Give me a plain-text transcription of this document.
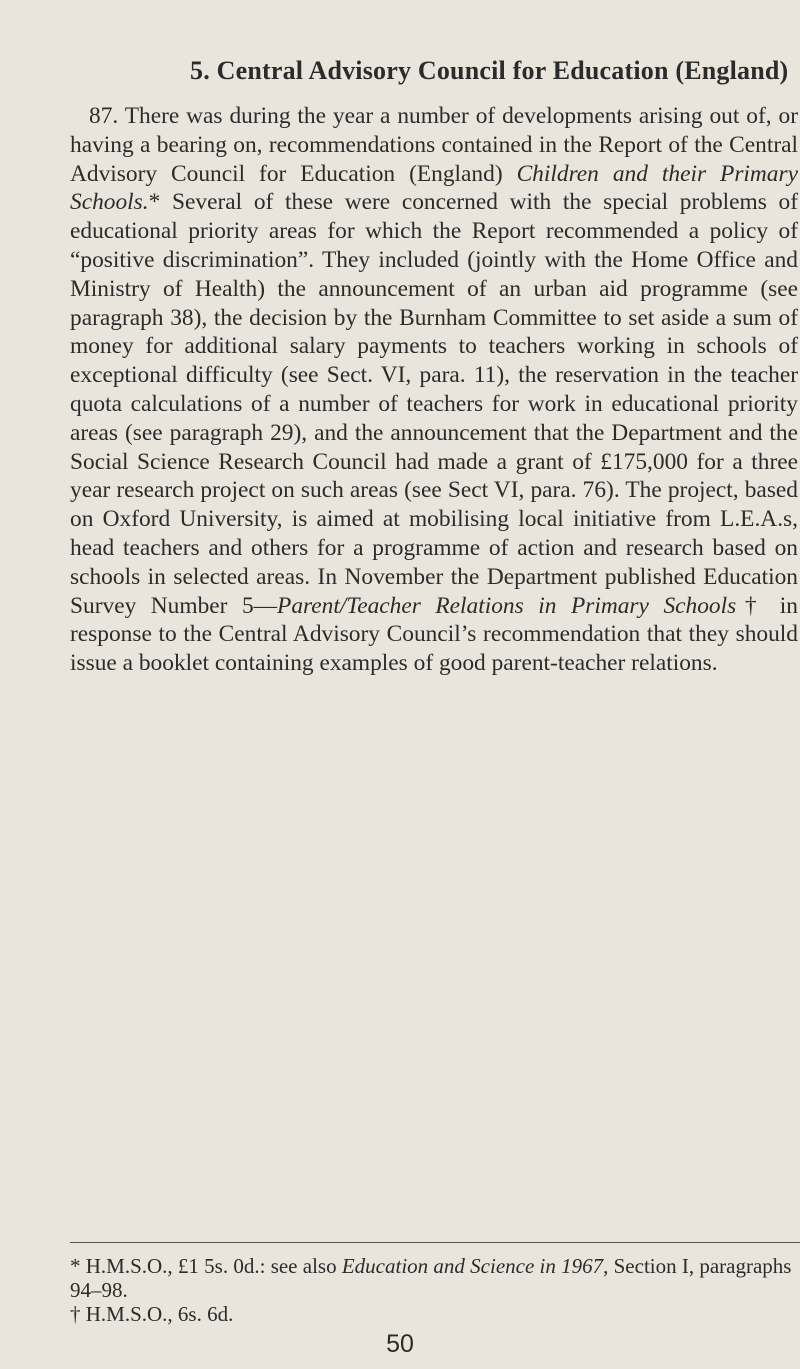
5. Central Advisory Council for Education (England)

87. There was during the year a number of developments arising out of, or having a bearing on, recommendations contained in the Report of the Central Advisory Council for Education (England) Children and their Primary Schools.* Several of these were concerned with the special problems of educational priority areas for which the Report recommended a policy of “positive discrimination”. They included (jointly with the Home Office and Ministry of Health) the announcement of an urban aid programme (see paragraph 38), the decision by the Burnham Committee to set aside a sum of money for additional salary payments to teachers working in schools of exceptional difficulty (see Sect. VI, para. 11), the reservation in the teacher quota calculations of a number of teachers for work in educational priority areas (see paragraph 29), and the announcement that the Department and the Social Science Research Council had made a grant of £175,000 for a three year research project on such areas (see Sect VI, para. 76). The project, based on Oxford University, is aimed at mobilising local initiative from L.E.A.s, head teachers and others for a programme of action and research based on schools in selected areas. In November the Department published Education Survey Number 5—Parent/Teacher Relations in Primary Schools† in response to the Central Advisory Council’s recommendation that they should issue a booklet containing examples of good parent-teacher relations.

* H.M.S.O., £1 5s. 0d.: see also Education and Science in 1967, Section I, paragraphs 94–98.

† H.M.S.O., 6s. 6d.

50
